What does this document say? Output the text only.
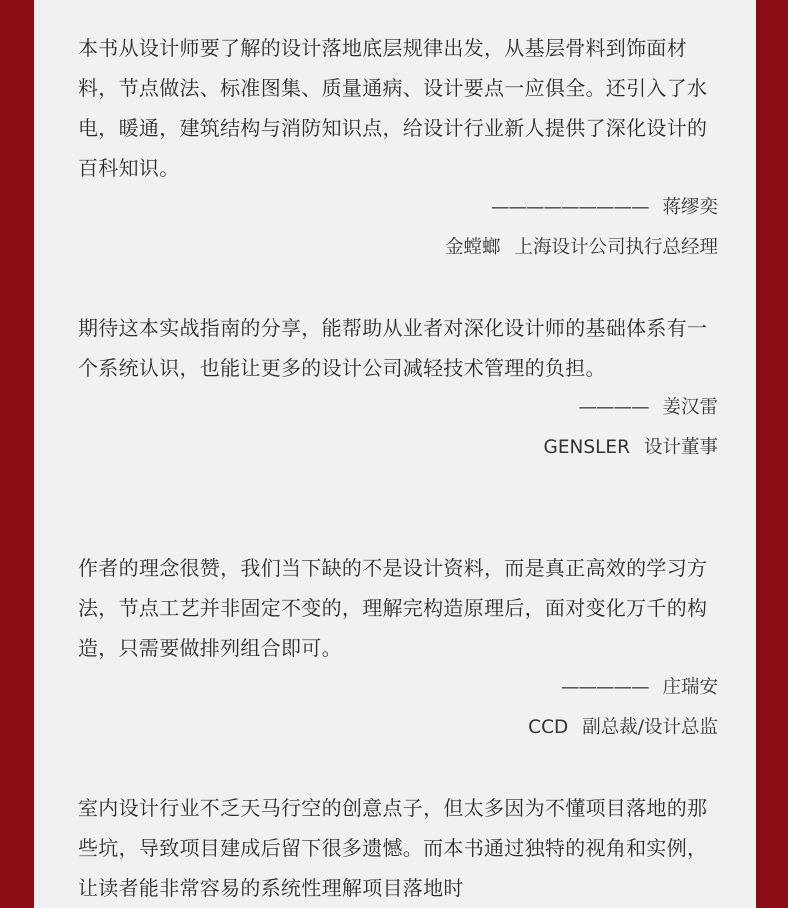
本书从设计师要了解的设计落地底层规律出发，从基层骨料到饰面材料，节点做法、标准图集、质量通病、设计要点一应俱全。还引入了水电，暖通，建筑结构与消防知识点，给设计行业新人提供了深化设计的百科知识。

————————— 蒋缪奕
金螳螂 上海设计公司执行总经理

期待这本实战指南的分享，能帮助从业者对深化设计师的基础体系有一个系统认识，也能让更多的设计公司减轻技术管理的负担。

———— 姜汉雷
GENSLER 设计董事

作者的理念很赞，我们当下缺的不是设计资料，而是真正高效的学习方法，节点工艺并非固定不变的，理解完构造原理后，面对变化万千的构造，只需要做排列组合即可。

————— 庄瑞安
CCD 副总裁/设计总监

室内设计行业不乏天马行空的创意点子，但太多因为不懂项目落地的那些坑，导致项目建成后留下很多遗憾。而本书通过独特的视角和实例，让读者能非常容易的系统性理解项目落地时
